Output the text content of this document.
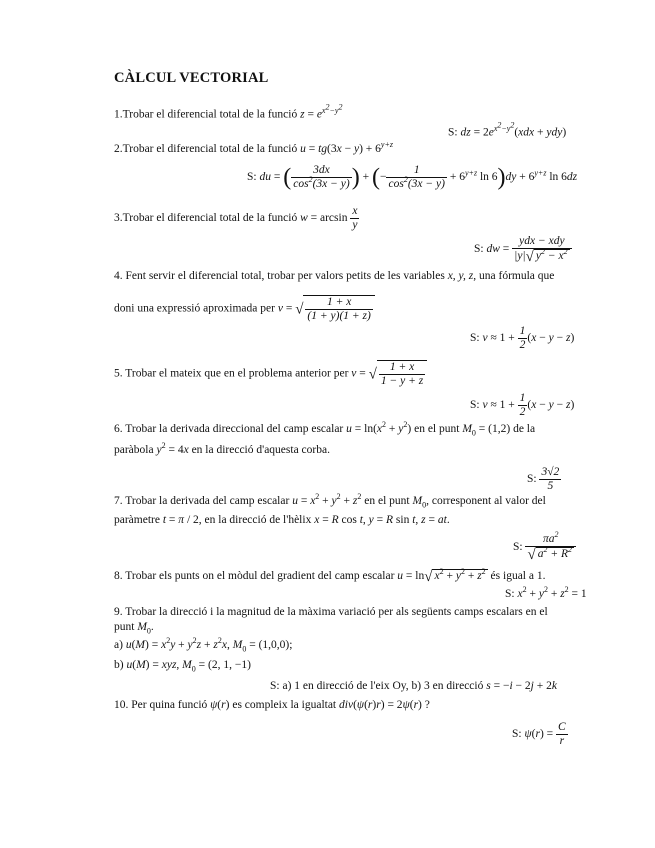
CÀLCUL VECTORIAL
1.Trobar el diferencial total de la funció $z = e^{x^2-y^2}$
S: dz = $2e^{x^2-y^2}(xdx + ydy)$
2.Trobar el diferencial total de la funció $u = tg(3x - y) + 6^{y+z}$
S: du = ( $\frac{3dx}{\cos^2(3x - y)}$ ) + (− $\frac{1}{\cos^2(3x - y)} + 6^{y+z}$ $\ln 6)dy + 6^{y+z}$ ln 6dz
3.Trobar el diferencial total de la funció $w = \arcsin \frac{x}{y}$
S: dw = $\frac{\text{ydx − xdy}}{|y|√ y^2 - x^2}$
4. Fent servir el diferencial total, trobar per valors petits de les variables x, y, z, una fórmula que
doni una expressió aproximada per v = √ $\frac{1 + x}{(1 + y)(1 + z)}$
S: $v \approx 1 + \frac{1}{2} (x - y - z)$
5. Trobar el mateix que en el problema anterior per v = √ $\frac{1 + x}{1 - y + z}$
S: $v \approx 1 + \frac{1}{2} (x - y - z)$
6. Trobar la derivada direccional del camp escalar $u = \ln(x^2 + y^2)$ en el punt $M_0 = (1,2)$ de la
paràbola $y^2 = 4x$ en la direcció d'aquesta corba.
S: $\frac{3√2}{5}$
7. Trobar la derivada del camp escalar $u = x^2 + y^2 + z^2$ en el punt $M_0$, corresponent al valor del
paràmetre t = π / 2, en la direcció de l'hèlix x = R cos t, y = R sin t, z = at.
S: $\frac{\pi a^2}{√ a^2 + R^2}$
8. Trobar els punts on el mòdul del gradient del camp escalar u = ln√ $x^2 + y^2 + z^2$ és igual a 1.
S: $x^2 + y^2 + z^2 = 1$
9. Trobar la direcció i la magnitud de la màxima variació per als següents camps escalars en el
punt $M_0$.
a) $u(M) = x^2y + y^2z + z^2x$, $M_0 = (1,0,0)$;
b) u(M) = xyz, $M_0 = (2$, 1, −1)
S: a) 1 en direcció de l'eix Oy, b) 3 en direcció s = −i − 2j + 2k
10. Per quina funció ψ(r) es compleix la igualtat div(ψ(r)r) = 2ψ(r) ?
S: $\psi(r) = \frac{C}{r}$
